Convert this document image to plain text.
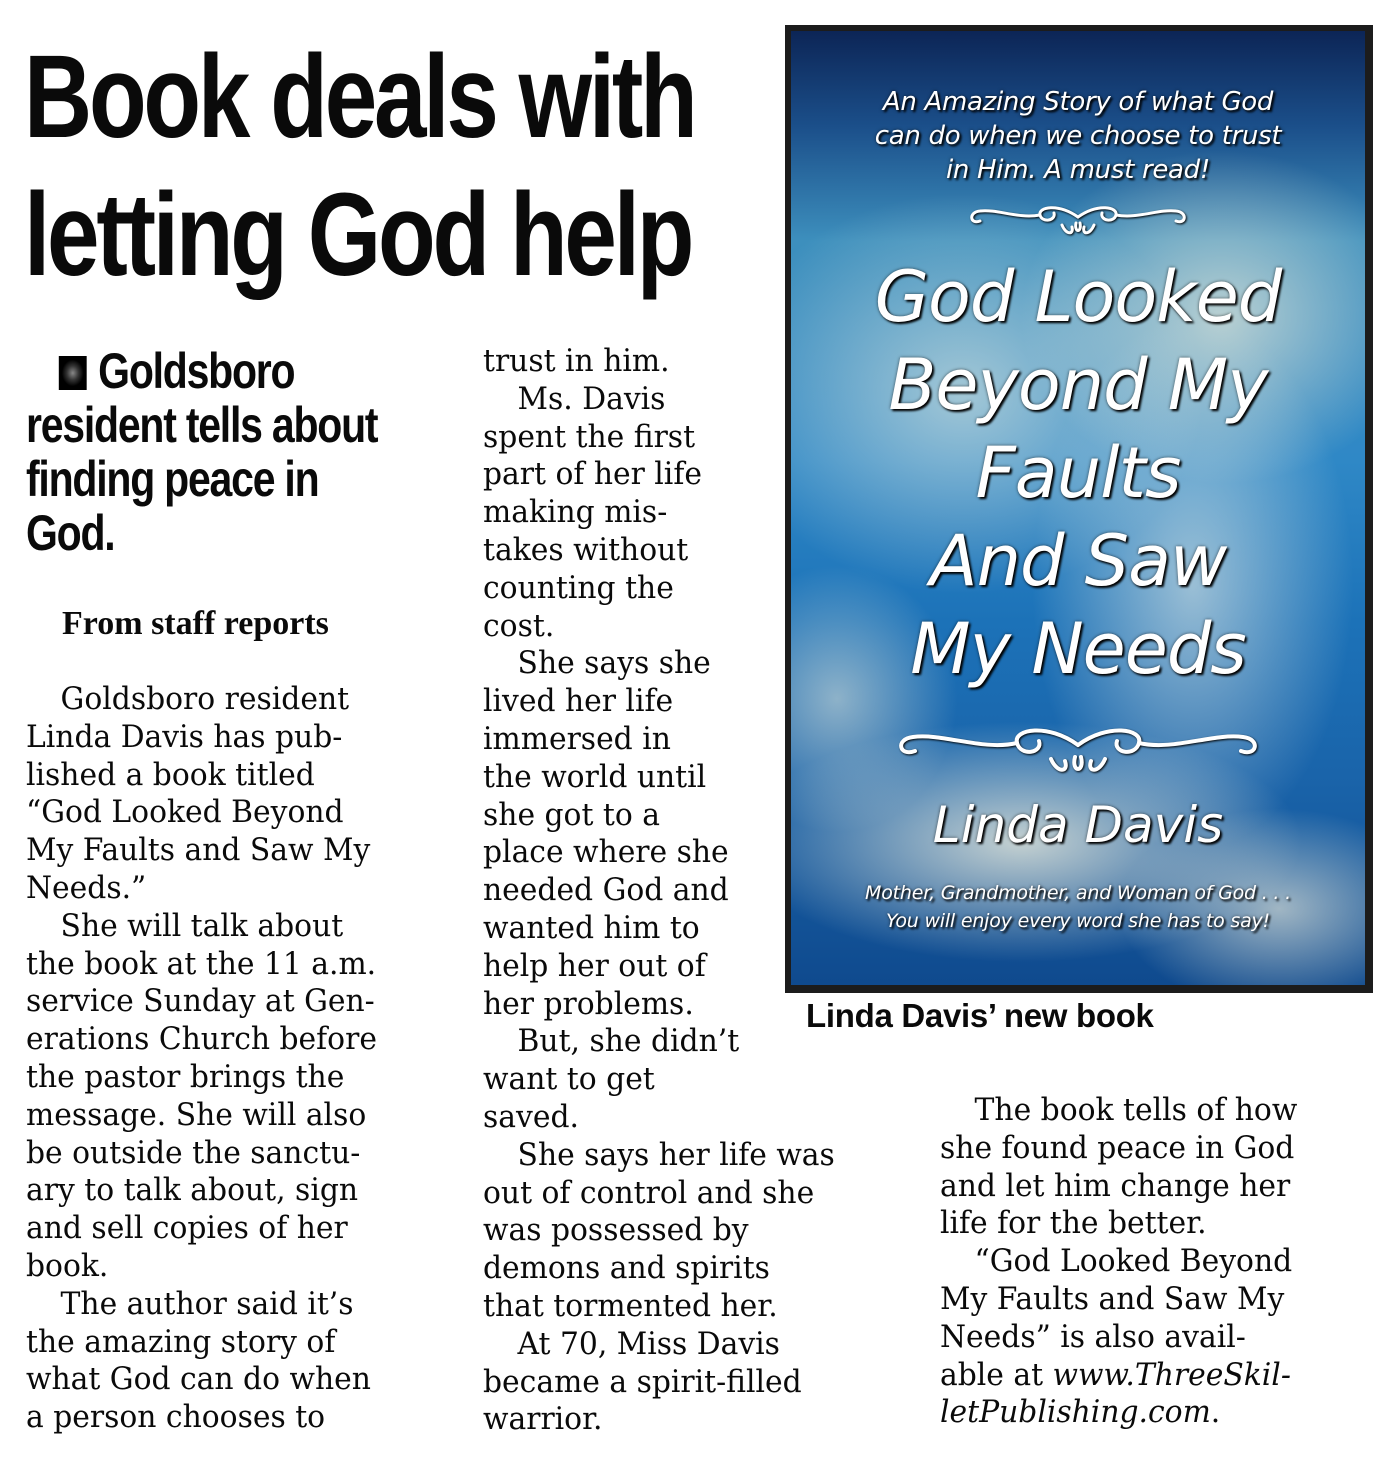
Book deals with
letting God help
Goldsboro
resident tells about
finding peace in
God.
From staff reports
Goldsboro resident
Linda Davis has pub-
lished a book titled
“God Looked Beyond
My Faults and Saw My
Needs.”
She will talk about
the book at the 11 a.m.
service Sunday at Gen-
erations Church before
the pastor brings the
message. She will also
be outside the sanctu-
ary to talk about, sign
and sell copies of her
book.
The author said it’s
the amazing story of
what God can do when
a person chooses to
trust in him.
Ms. Davis
spent the first
part of her life
making mis-
takes without
counting the
cost.
She says she
lived her life
immersed in
the world until
she got to a
place where she
needed God and
wanted him to
help her out of
her problems.
But, she didn’t
want to get
saved.
She says her life was
out of control and she
was possessed by
demons and spirits
that tormented her.
At 70, Miss Davis
became a spirit-filled
warrior.
The book tells of how
she found peace in God
and let him change her
life for the better.
“God Looked Beyond
My Faults and Saw My
Needs” is also avail-
able at www.ThreeSkil-
letPublishing.com.
An Amazing Story of what God
can do when we choose to trust
in Him. A must read!
God Looked
Beyond My
Faults
And Saw
My Needs
Linda Davis
Mother, Grandmother, and Woman of God . . .
You will enjoy every word she has to say!
Linda Davis’ new book
